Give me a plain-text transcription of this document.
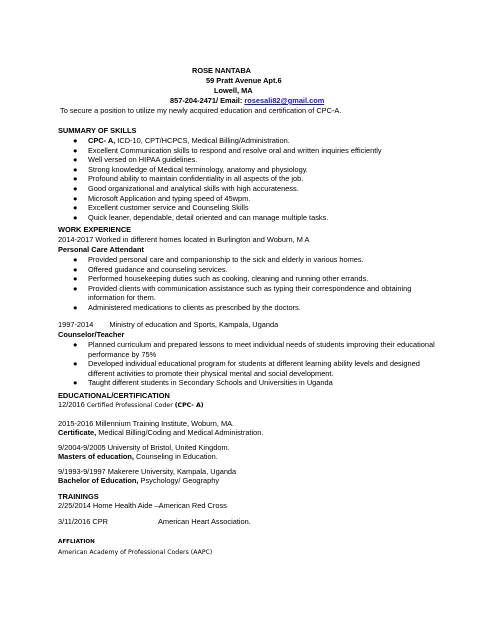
ROSE NANTABA
59 Pratt Avenue Apt.6
Lowell, MA
857-204-2471/ Email: rosesali82@gmail.com
To secure a position to utilize my newly acquired education and certification of CPC-A.
SUMMARY OF SKILLS
● CPC- A, ICD-10, CPT/HCPCS, Medical Billing/Administration.
● Excellent Communication skills to respond and resolve oral and written inquiries efficiently
● Well versed on HIPAA guidelines.
● Strong knowledge of Medical terminology, anatomy and physiology.
● Profound ability to maintain confidentiality in all aspects of the job.
● Good organizational and analytical skills with high accurateness.
● Microsoft Application and typing speed of 45wpm.
● Excellent customer service and Counseling Skills
● Quick leaner, dependable, detail oriented and can manage multiple tasks.
WORK EXPERIENCE
2014-2017 Worked in different homes located in Burlington and Woburn, M A
Personal Care Attendant
● Provided personal care and companionship to the sick and elderly in various homes.
● Offered guidance and counseling services.
● Performed housekeeping duties such as cooking, cleaning and running other errands.
● Provided clients with communication assistance such as typing their correspondence and obtaining
information for them.
● Administered medications to clients as prescribed by the doctors.
1997-2014 Ministry of education and Sports, Kampala, Uganda
Counselor/Teacher
● Planned curriculum and prepared lessons to meet individual needs of students improving their educational
performance by 75%
● Developed individual educational program for students at different learning ability levels and designed
different activities to promote their physical mental and social development.
● Taught different students in Secondary Schools and Universities in Uganda
EDUCATIONAL/CERTIFICATION
12/2016 Certified Professional Coder (CPC- A)
2015-2016 Millennium Training Institute, Woburn, MA.
Certificate, Medical Billing/Coding and Medical Administration.
9/2004-9/2005 University of Bristol, United Kingdom.
Masters of education, Counseling in Education.
9/1993-9/1997 Makerere University, Kampala, Uganda
Bachelor of Education, Psychology/ Geography
TRAININGS
2/25/2014 Home Health Aide –American Red Cross
3/11/2016 CPR	American Heart Association.
AFFLIATION
American Academy of Professional Coders (AAPC)
